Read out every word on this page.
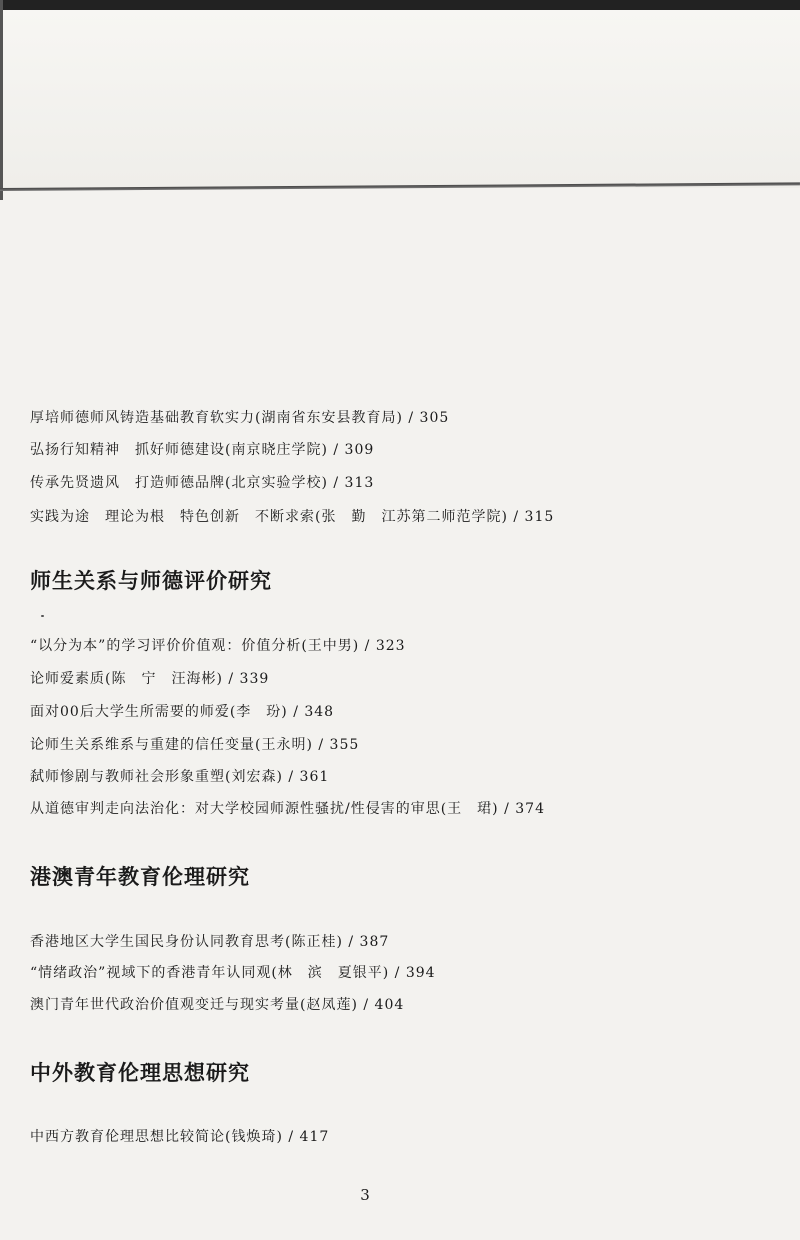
厚培师德师风铸造基础教育软实力(湖南省东安县教育局) / 305
弘扬行知精神　抓好师德建设(南京晓庄学院) / 309
传承先贤遗风　打造师德品牌(北京实验学校) / 313
实践为途　理论为根　特色创新　不断求索(张　勤　江苏第二师范学院) / 315
师生关系与师德评价研究
“以分为本”的学习评价价值观：价值分析(王中男) / 323
论师爱素质(陈　宁　汪海彬) / 339
面对00后大学生所需要的师爱(李　玢) / 348
论师生关系维系与重建的信任变量(王永明) / 355
弑师惨剧与教师社会形象重塑(刘宏森) / 361
从道德审判走向法治化：对大学校园师源性骚扰/性侵害的审思(王　珺) / 374
港澳青年教育伦理研究
香港地区大学生国民身份认同教育思考(陈正桂) / 387
“情绪政治”视域下的香港青年认同观(林　滨　夏银平) / 394
澳门青年世代政治价值观变迁与现实考量(赵凤莲) / 404
中外教育伦理思想研究
中西方教育伦理思想比较简论(钱焕琦) / 417
3
